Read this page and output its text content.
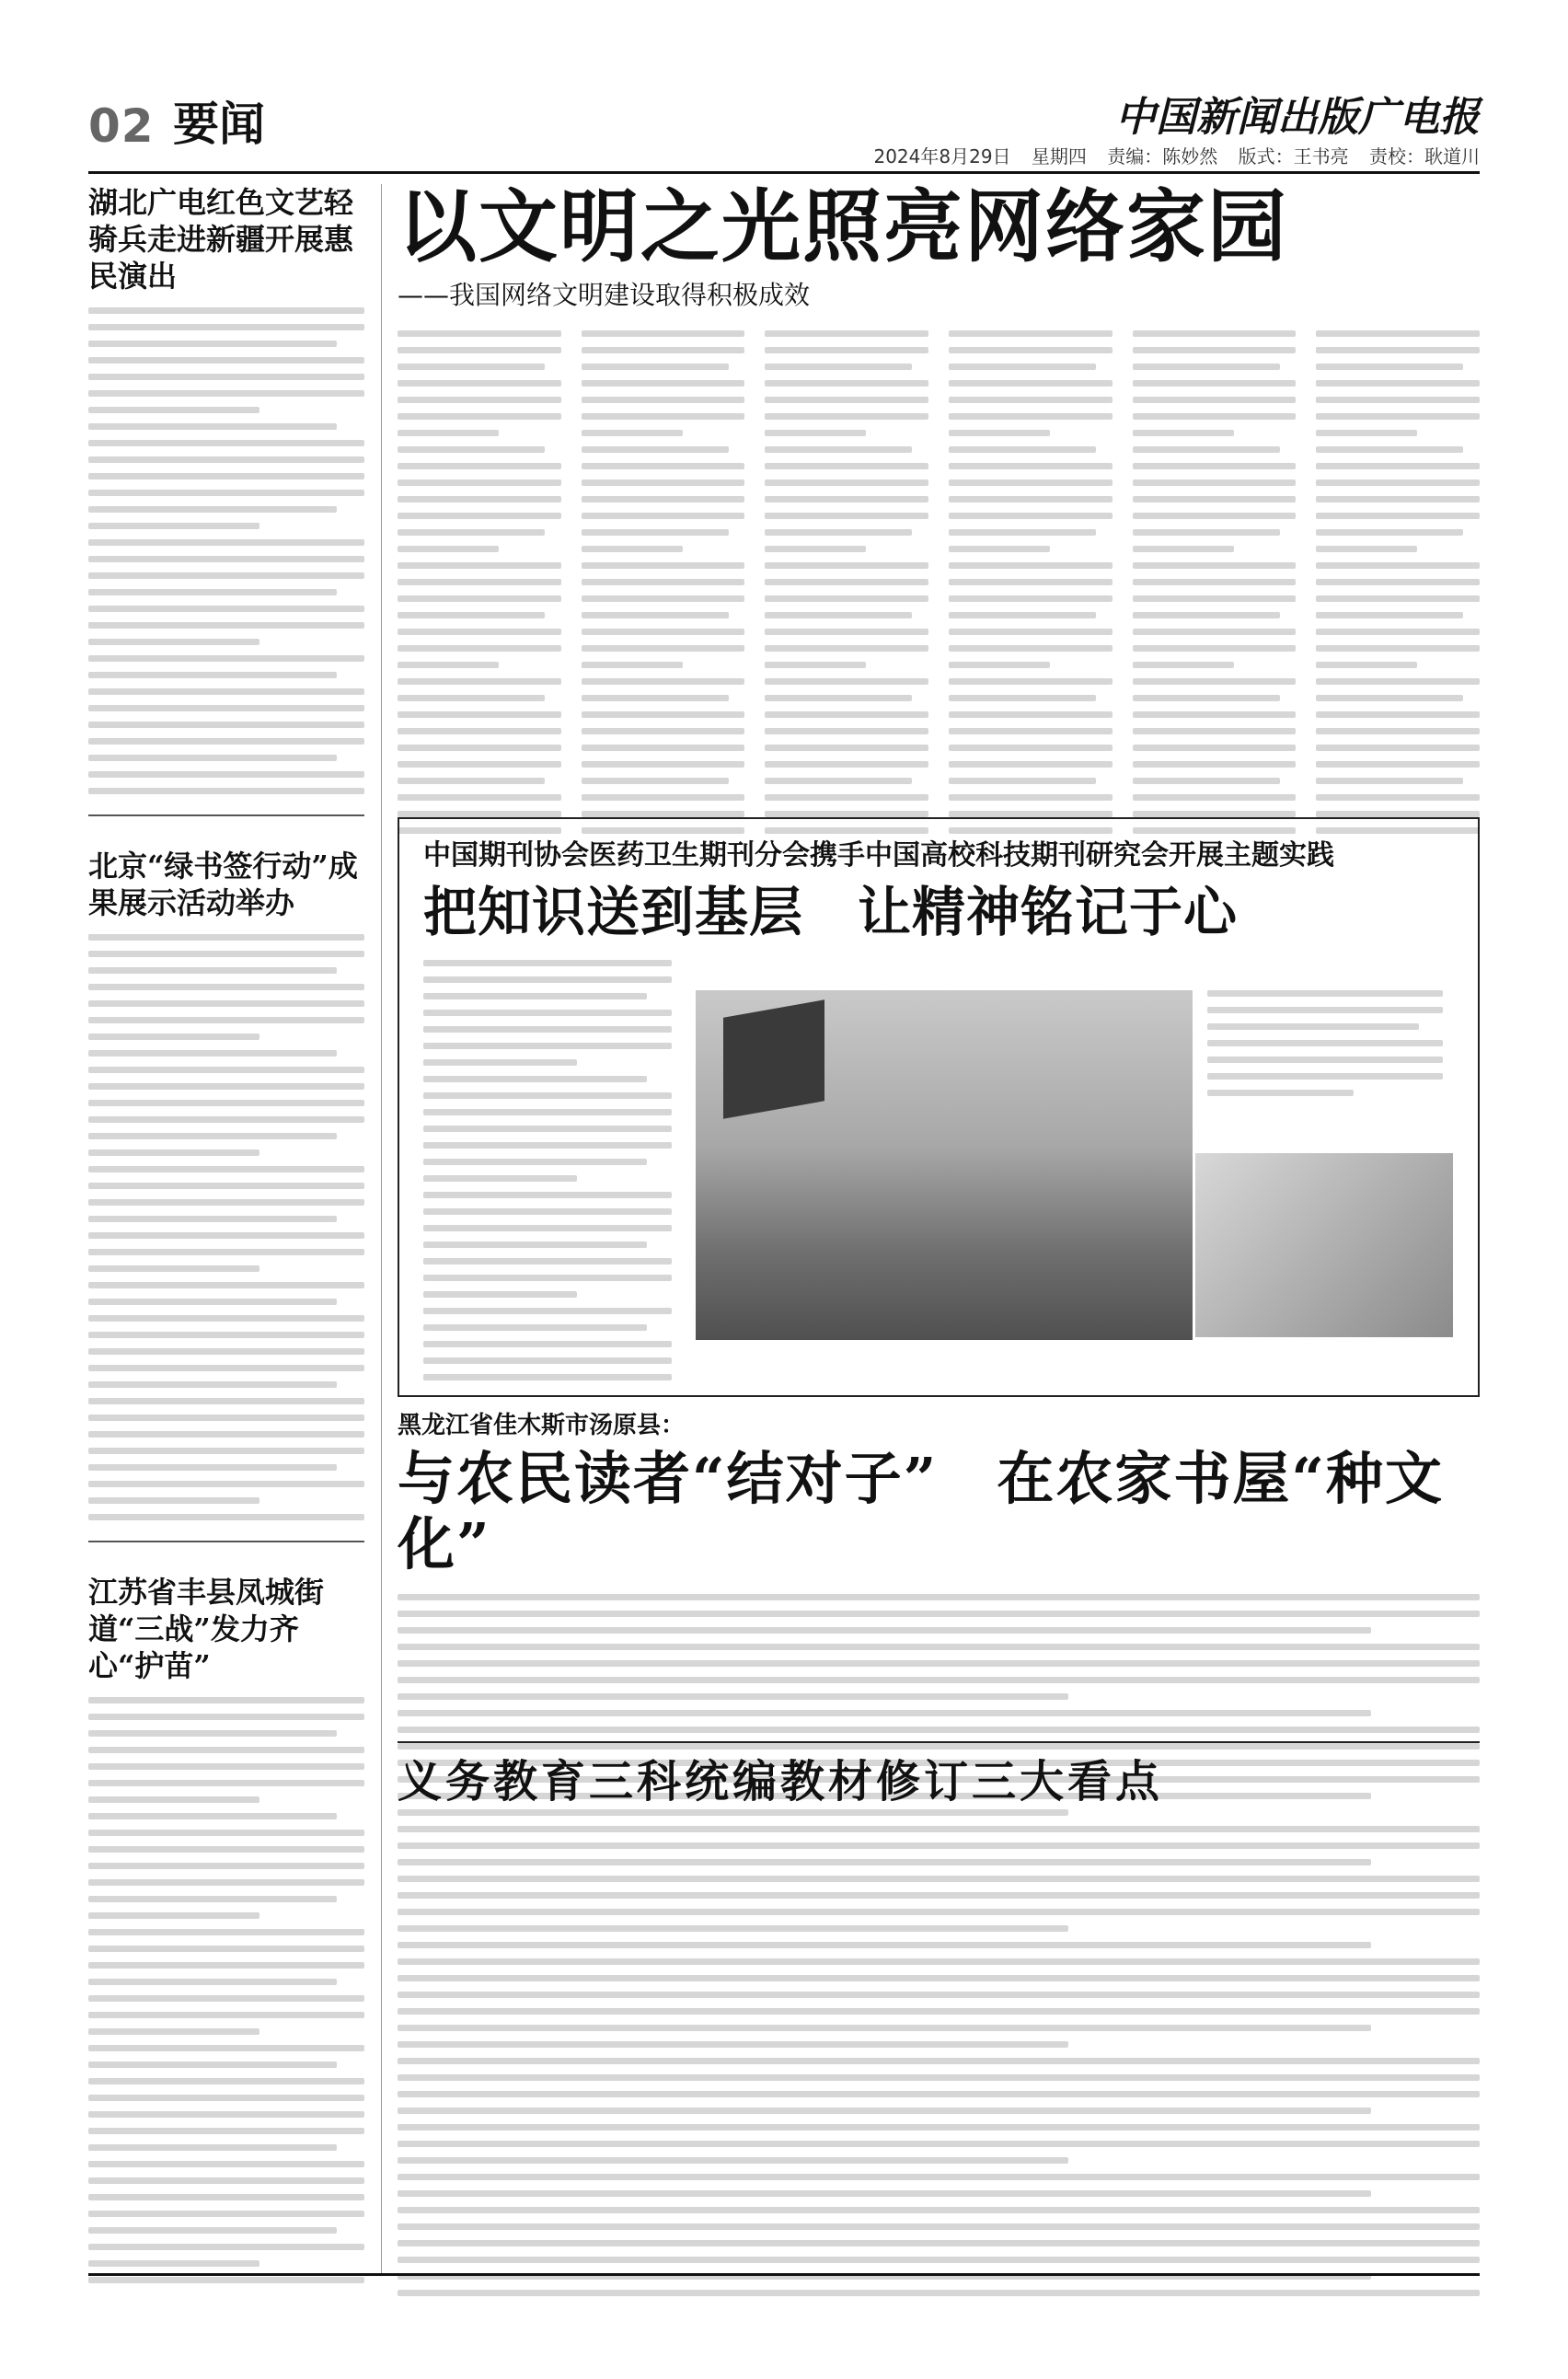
02 要闻	中国新闻出版广电报
2024年8月29日 星期四 责编：陈妙然 版式：王书亮 责校：耿道川
湖北广电红色文艺轻骑兵走进新疆开展惠民演出
北京“绿书签行动”成果展示活动举办
江苏省丰县凤城街道“三战”发力齐心“护苗”
以文明之光照亮网络家园
——我国网络文明建设取得积极成效
中国期刊协会医药卫生期刊分会携手中国高校科技期刊研究会开展主题实践
把知识送到基层　让精神铭记于心
黑龙江省佳木斯市汤原县：
与农民读者“结对子”　在农家书屋“种文化”
义务教育三科统编教材修订三大看点
